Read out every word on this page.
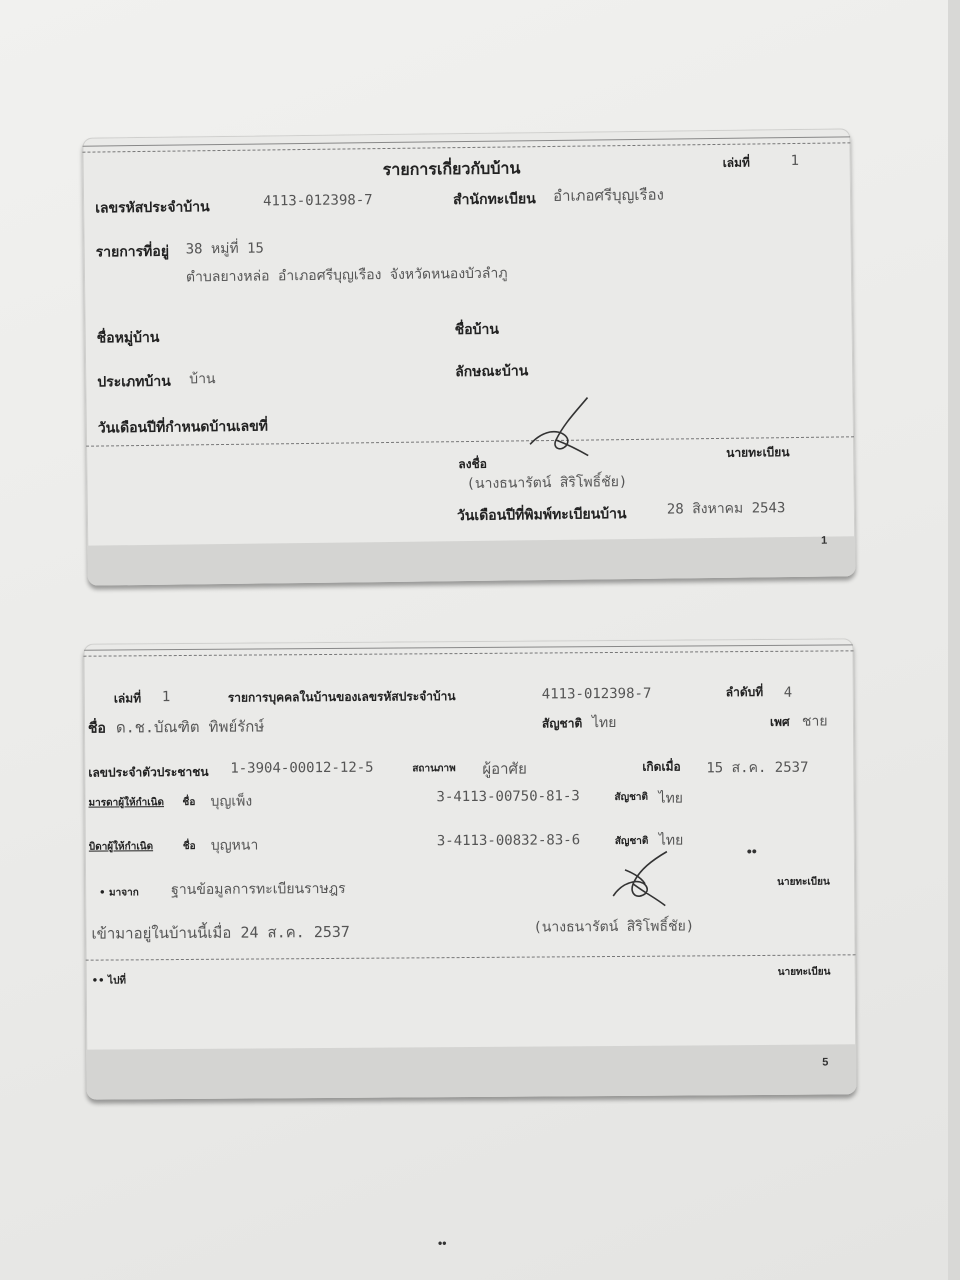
รายการเกี่ยวกับบ้าน	เล่มที่	1
เลขรหัสประจำบ้าน	4113-012398-7	สำนักทะเบียน อำเภอศรีบุญเรือง
รายการที่อยู่ 38 หมู่ที่ 15
ตำบลยางหล่อ อำเภอศรีบุญเรือง จังหวัดหนองบัวลำภู
ชื่อหมู่บ้าน	ชื่อบ้าน
ประเภทบ้าน บ้าน	ลักษณะบ้าน
วันเดือนปีที่กำหนดบ้านเลขที่
ลงชื่อ
นายทะเบียน
(นางธนารัตน์ สิริโพธิ์ชัย)
วันเดือนปีที่พิมพ์ทะเบียนบ้าน	28 สิงหาคม 2543
1
เล่มที่ 1	รายการบุคคลในบ้านของเลขรหัสประจำบ้าน	4113-012398-7	ลำดับที่ 4
ชื่อ ด.ช.บัณฑิต ทิพย์รักษ์	สัญชาติ ไทย	เพศ ชาย
เลขประจำตัวประชาชน 1-3904-00012-12-5	สถานภาพ ผู้อาศัย	เกิดเมื่อ 15 ส.ค. 2537
มารดาผู้ให้กำเนิด ชื่อ บุญเพ็ง	3-4113-00750-81-3	สัญชาติ ไทย
บิดาผู้ให้กำเนิด	ชื่อ บุญหนา	3-4113-00832-83-6	สัญชาติ ไทย
••
• มาจาก ฐานข้อมูลการทะเบียนราษฎร	นายทะเบียน
เข้ามาอยู่ในบ้านนี้เมื่อ 24 ส.ค. 2537	(นางธนารัตน์ สิริโพธิ์ชัย)
•• ไปที่
นายทะเบียน
5
••
